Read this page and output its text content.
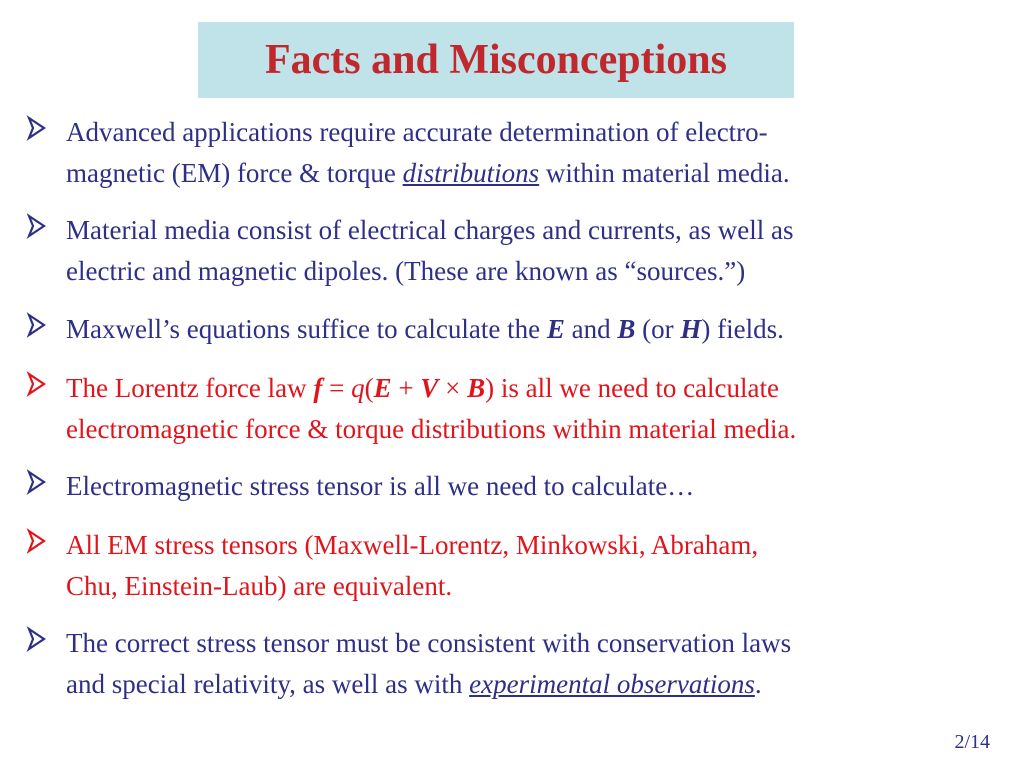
Facts and Misconceptions
Advanced applications require accurate determination of electro-
magnetic (EM) force & torque distributions within material media.
Material media consist of electrical charges and currents, as well as
electric and magnetic dipoles. (These are known as “sources.”)
Maxwell’s equations suffice to calculate the E and B (or H) fields.
The Lorentz force law f = q(E + V × B) is all we need to calculate
electromagnetic force & torque distributions within material media.
Electromagnetic stress tensor is all we need to calculate…
All EM stress tensors (Maxwell-Lorentz, Minkowski, Abraham,
Chu, Einstein-Laub) are equivalent.
The correct stress tensor must be consistent with conservation laws
and special relativity, as well as with experimental observations.
2/14
